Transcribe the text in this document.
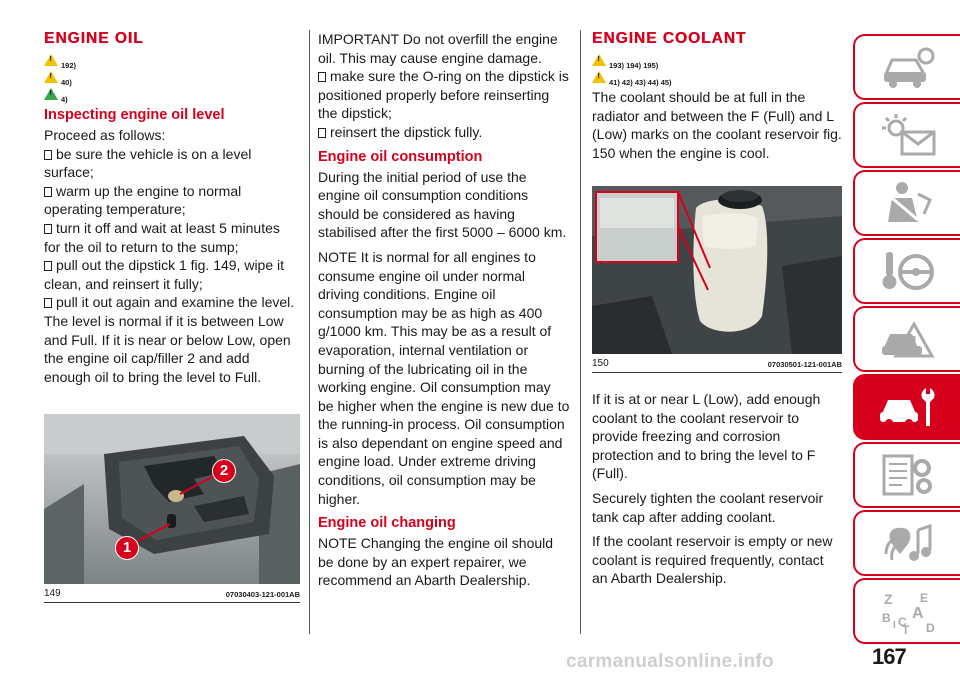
ENGINE OIL
!
192)
!
40)
!
4)
Inspecting engine oil level

Proceed as follows:

be sure the vehicle is on a level surface;

warm up the engine to normal operating temperature;

turn it off and wait at least 5 minutes for the oil to return to the sump;

pull out the dipstick 1 fig. 149, wipe it clean, and reinsert it fully;

pull it out again and examine the level. The level is normal if it is between Low and Full. If it is near or below Low, open the engine oil cap/filler 2 and add enough oil to bring the level to Full.

2
1
149	07030403-121-001AB

IMPORTANT Do not overfill the engine oil. This may cause engine damage.

make sure the O-ring on the dipstick is positioned properly before reinserting the dipstick;

reinsert the dipstick fully.

Engine oil consumption

During the initial period of use the engine oil consumption conditions should be considered as having stabilised after the first 5000 – 6000 km.

NOTE It is normal for all engines to consume engine oil under normal driving conditions. Engine oil consumption may be as high as 400 g/1000 km. This may be as a result of evaporation, internal ventilation or burning of the lubricating oil in the working engine. Oil consumption may be higher when the engine is new due to the running-in process. Oil consumption is also dependant on engine speed and engine load. Under extreme driving conditions, oil consumption may be higher.

Engine oil changing

NOTE Changing the engine oil should be done by an expert repairer, we recommend an Abarth Dealership.

ENGINE COOLANT
!
193) 194) 195)
!
41) 42) 43) 44) 45)

The coolant should be at full in the radiator and between the F (Full) and L (Low) marks on the coolant reservoir fig. 150 when the engine is cool.

150	07030501-121-001AB

If it is at or near L (Low), add enough coolant to the coolant reservoir to provide freezing and corrosion protection and to bring the level to F (Full).

Securely tighten the coolant reservoir tank cap after adding coolant.

If the coolant reservoir is empty or new coolant is required frequently, contact an Abarth Dealership.

Z E
A
B C
T D
I
167
carmanualsonline.info
